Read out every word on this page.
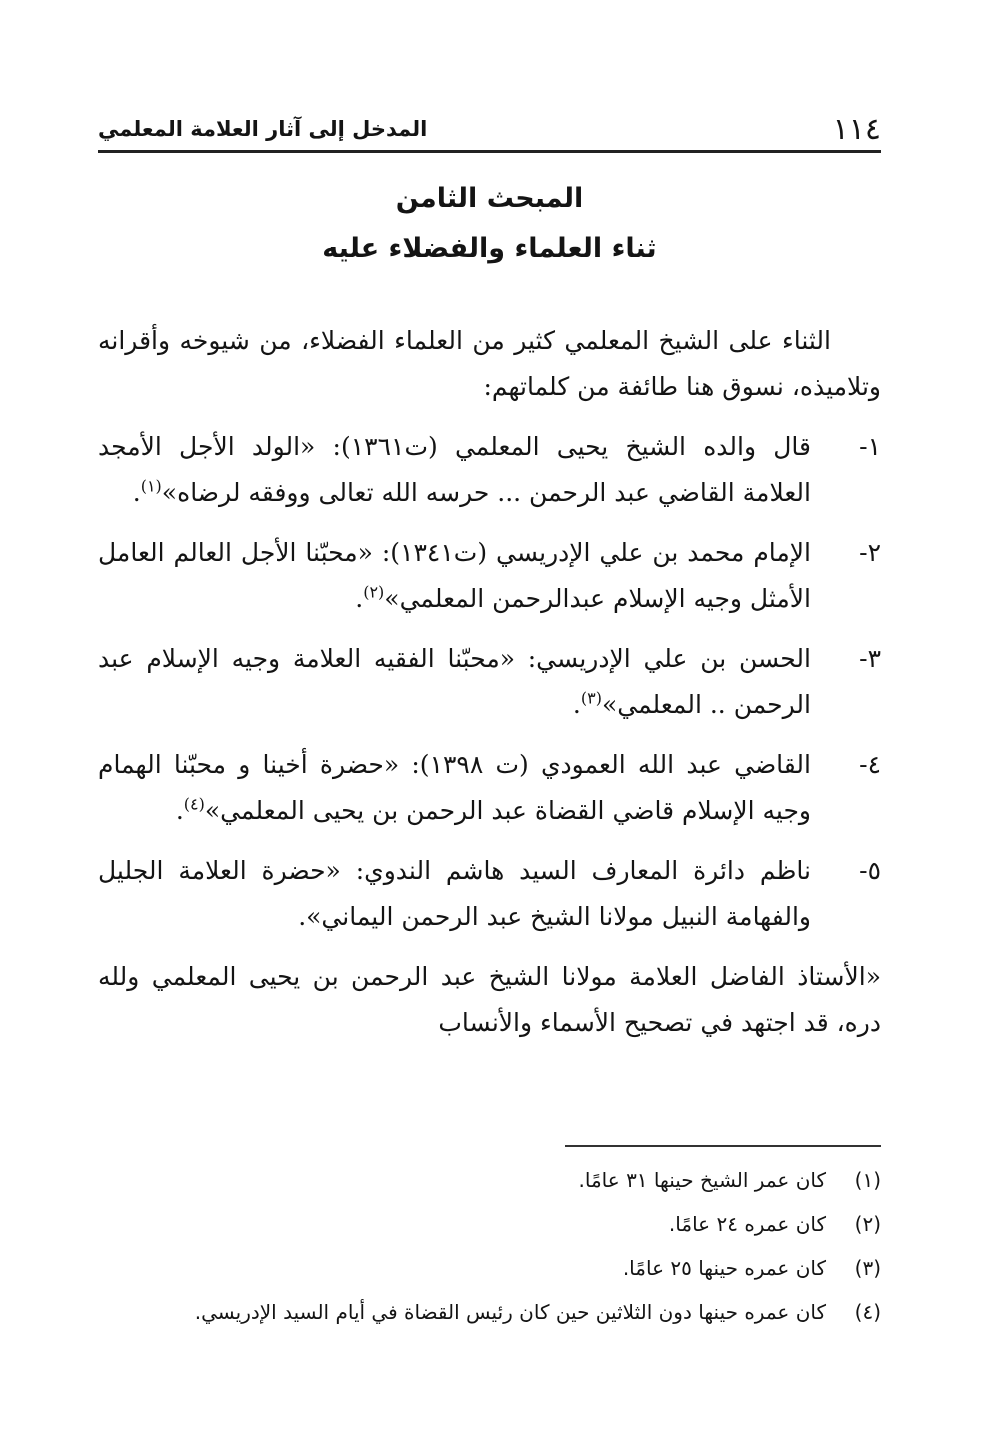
١١٤
المدخل إلى آثار العلامة المعلمي
المبحث الثامن
ثناء العلماء والفضلاء عليه

الثناء على الشيخ المعلمي كثير من العلماء الفضلاء، من شيوخه وأقرانه وتلاميذه، نسوق هنا طائفة من كلماتهم:

١-
قال والده الشيخ يحيى المعلمي (ت١٣٦١): «الولد الأجل الأمجد العلامة القاضي عبد الرحمن ... حرسه الله تعالى ووفقه لرضاه»$^{(١)}$.
٢-
الإمام محمد بن علي الإدريسي (ت١٣٤١): «محبّنا الأجل العالم العامل الأمثل وجيه الإسلام عبدالرحمن المعلمي»$^{(٢)}$.
٣-
الحسن بن علي الإدريسي: «محبّنا الفقيه العلامة وجيه الإسلام عبد الرحمن .. المعلمي»$^{(٣)}$.
٤-
القاضي عبد الله العمودي (ت ١٣٩٨): «حضرة أخينا و محبّنا الهمام وجيه الإسلام قاضي القضاة عبد الرحمن بن يحيى المعلمي»$^{(٤)}$.
٥-
ناظم دائرة المعارف السيد هاشم الندوي: «حضرة العلامة الجليل والفهامة النبيل مولانا الشيخ عبد الرحمن اليماني».

«الأستاذ الفاضل العلامة مولانا الشيخ عبد الرحمن بن يحيى المعلمي ولله دره، قد اجتهد في تصحيح الأسماء والأنساب

(١)
كان عمر الشيخ حينها ٣١ عامًا.
(٢)
كان عمره ٢٤ عامًا.
(٣)
كان عمره حينها ٢٥ عامًا.
(٤)
كان عمره حينها دون الثلاثين حين كان رئيس القضاة في أيام السيد الإدريسي.
